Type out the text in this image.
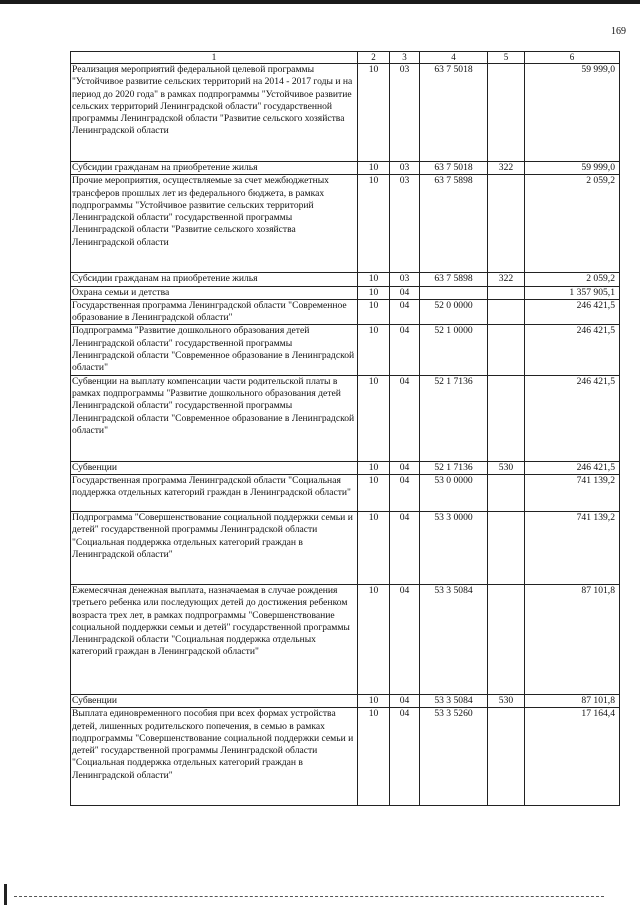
169
1	2	3	4	5	6
Реализация мероприятий федеральной целевой программы "Устойчивое развитие сельских территорий на 2014 - 2017 годы и на период до 2020 года" в рамках подпрограммы "Устойчивое развитие сельских территорий Ленинградской области" государственной программы Ленинградской области "Развитие сельского хозяйства Ленинградской области	10	03	63 7 5018		59 999,0
Субсидии гражданам на приобретение жилья	10	03	63 7 5018	322	59 999,0
Прочие мероприятия, осуществляемые за счет межбюджетных трансферов прошлых лет из федерального бюджета, в рамках подпрограммы "Устойчивое развитие сельских территорий Ленинградской области" государственной программы Ленинградской области "Развитие сельского хозяйства Ленинградской области	10	03	63 7 5898		2 059,2
Субсидии гражданам на приобретение жилья	10	03	63 7 5898	322	2 059,2
Охрана семьи и детства	10	04			1 357 905,1
Государственная программа Ленинградской области "Современное образование в Ленинградской области"	10	04	52 0 0000		246 421,5
Подпрограмма "Развитие дошкольного образования детей Ленинградской области" государственной программы Ленинградской области "Современное образование в Ленинградской области"	10	04	52 1 0000		246 421,5
Субвенции на выплату компенсации части родительской платы в рамках подпрограммы "Развитие дошкольного образования детей Ленинградской области" государственной программы Ленинградской области "Современное образование в Ленинградской области"	10	04	52 1 7136		246 421,5
Субвенции	10	04	52 1 7136	530	246 421,5
Государственная программа Ленинградской области "Социальная поддержка отдельных категорий граждан в Ленинградской области"	10	04	53 0 0000		741 139,2
Подпрограмма "Совершенствование социальной поддержки семьи и детей" государственной программы Ленинградской области "Социальная поддержка отдельных категорий граждан в Ленинградской области"	10	04	53 3 0000		741 139,2
Ежемесячная денежная выплата, назначаемая в случае рождения третьего ребенка или последующих детей до достижения ребенком возраста трех лет, в рамках подпрограммы "Совершенствование социальной поддержки семьи и детей" государственной программы Ленинградской области "Социальная поддержка отдельных категорий граждан в Ленинградской области"	10	04	53 3 5084		87 101,8
Субвенции	10	04	53 3 5084	530	87 101,8
Выплата единовременного пособия при всех формах устройства детей, лишенных родительского попечения, в семью в рамках подпрограммы "Совершенствование социальной поддержки семьи и детей" государственной программы Ленинградской области "Социальная поддержка отдельных категорий граждан в Ленинградской области"	10	04	53 3 5260		17 164,4
